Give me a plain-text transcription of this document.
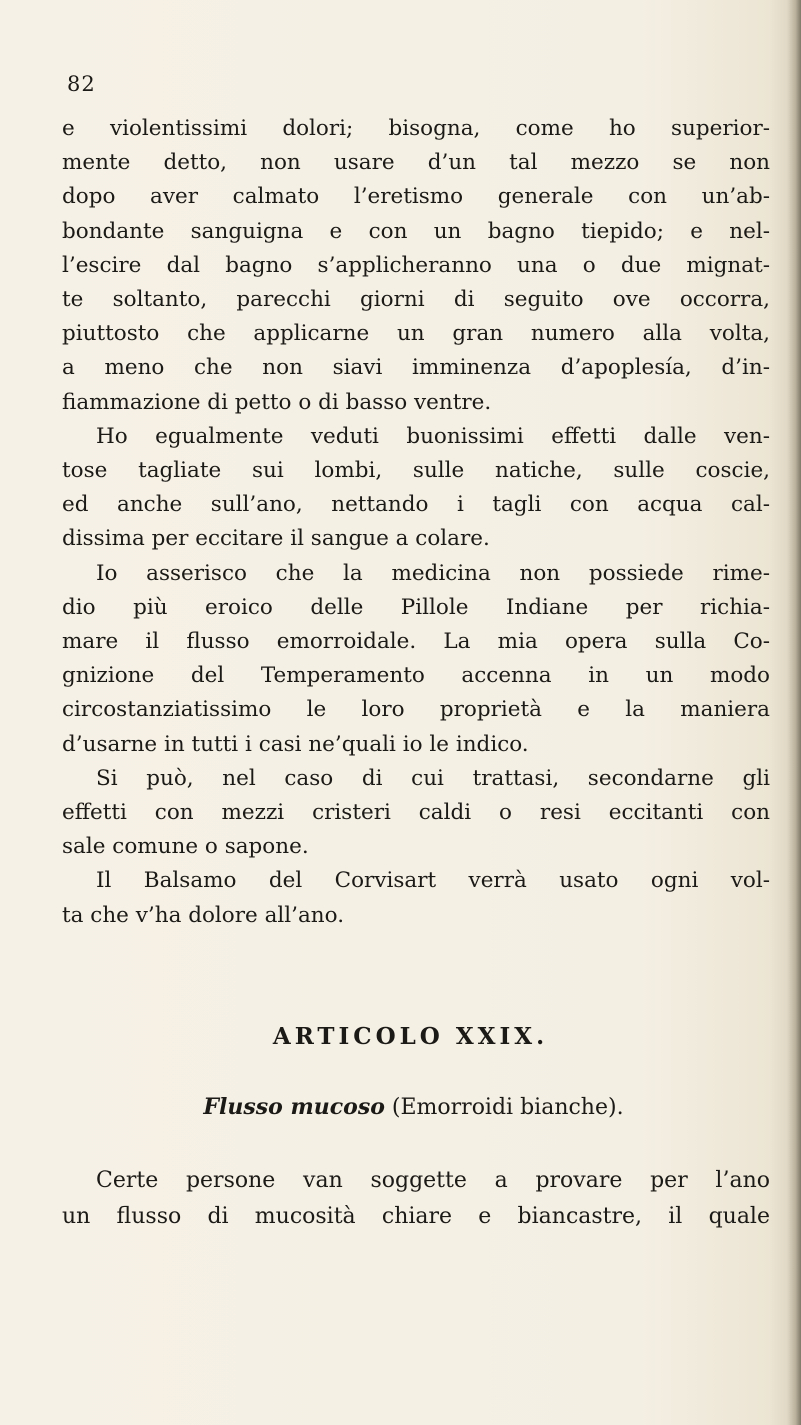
82
e violentissimi dolori; bisogna, come ho superior-
mente detto, non usare d’un tal mezzo se non
dopo aver calmato l’eretismo generale con un’ab-
bondante sanguigna e con un bagno tiepido; e nel-
l’escire dal bagno s’applicheranno una o due mignat-
te soltanto, parecchi giorni di seguito ove occorra,
piuttosto che applicarne un gran numero alla volta,
a meno che non siavi imminenza d’apoplesía, d’in-
fiammazione di petto o di basso ventre.
Ho egualmente veduti buonissimi effetti dalle ven-
tose tagliate sui lombi, sulle natiche, sulle coscie,
ed anche sull’ano, nettando i tagli con acqua cal-
dissima per eccitare il sangue a colare.
Io asserisco che la medicina non possiede rime-
dio più eroico delle Pillole Indiane per richia-
mare il flusso emorroidale. La mia opera sulla Co-
gnizione del Temperamento accenna in un modo
circostanziatissimo le loro proprietà e la maniera
d’usarne in tutti i casi ne’quali io le indico.
Si può, nel caso di cui trattasi, secondarne gli
effetti con mezzi cristeri caldi o resi eccitanti con
sale comune o sapone.
Il Balsamo del Corvisart verrà usato ogni vol-
ta che v’ha dolore all’ano.
ARTICOLO XXIX.
Flusso mucoso (Emorroidi bianche).
Certe persone van soggette a provare per l’ano
un flusso di mucosità chiare e biancastre, il quale
